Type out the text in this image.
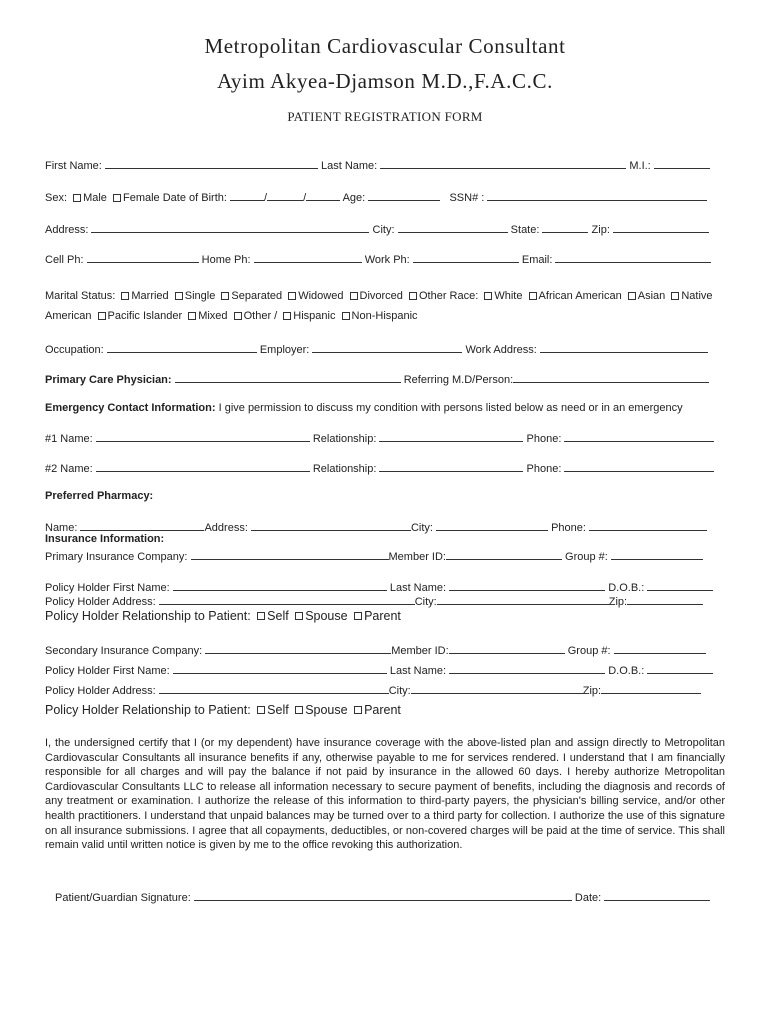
Metropolitan Cardiovascular Consultant
Ayim Akyea-Djamson M.D.,F.A.C.C.
PATIENT REGISTRATION FORM
First Name:	Last Name:	M.I.:
Sex: Male Female Date of Birth:	/	/	Age:	SSN# :
Address:	City:	State:	Zip:
Cell Ph:	Home Ph:	Work Ph:	Email:
Marital Status: Married Single Separated Widowed Divorced Other Race: White African American Asian Native
American Pacific Islander Mixed Other / Hispanic Non-Hispanic
Occupation:	Employer:	Work Address:
Primary Care Physician:	Referring M.D/Person:
Emergency Contact Information: I give permission to discuss my condition with persons listed below as need or in an emergency
#1 Name:	Relationship:	Phone:
#2 Name:	Relationship:	Phone:
Preferred Pharmacy:
Name:	Address:	City:	Phone:
Insurance Information:
Primary Insurance Company:	Member ID:	Group #:
Policy Holder First Name:	Last Name:	D.O.B.:
Policy Holder Address:	City:	Zip:
Policy Holder Relationship to Patient: Self Spouse Parent
Secondary Insurance Company:	Member ID:	Group #:
Policy Holder First Name:	Last Name:	D.O.B.:
Policy Holder Address:	City:	Zip:
Policy Holder Relationship to Patient: Self Spouse Parent
I, the undersigned certify that I (or my dependent) have insurance coverage with the above-listed plan and assign directly to Metropolitan Cardiovascular Consultants all insurance benefits if any, otherwise payable to me for services rendered. I understand that I am financially responsible for all charges and will pay the balance if not paid by insurance in the allowed 60 days. I hereby authorize Metropolitan Cardiovascular Consultants LLC to release all information necessary to secure payment of benefits, including the diagnosis and records of any treatment or examination. I authorize the release of this information to third-party payers, the physician's billing service, and/or other health practitioners. I understand that unpaid balances may be turned over to a third party for collection. I authorize the use of this signature on all insurance submissions. I agree that all copayments, deductibles, or non-covered charges will be paid at the time of service. This shall remain valid until written notice is given by me to the office revoking this authorization.
Patient/Guardian Signature:	Date:
